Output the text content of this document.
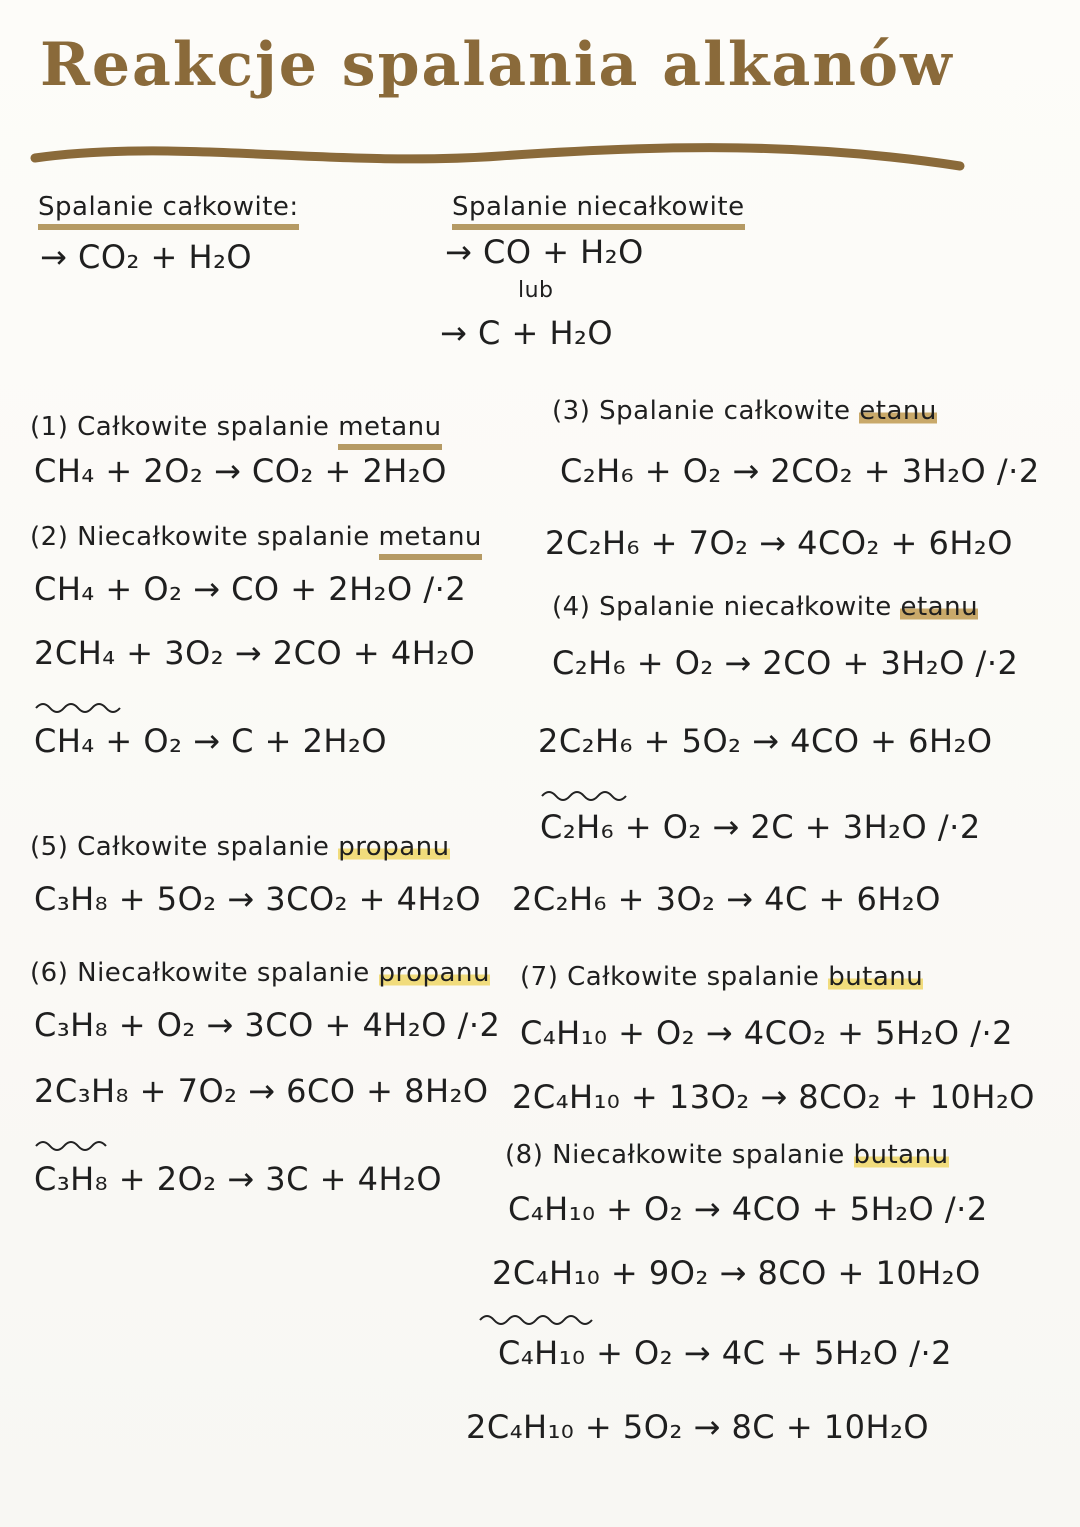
Reakcje spalania alkanów
Spalanie całkowite:
→ CO₂ + H₂O
Spalanie niecałkowite
→ CO + H₂O
lub
→ C + H₂O
(1) Całkowite spalanie metanu
CH₄ + 2O₂ → CO₂ + 2H₂O
(2) Niecałkowite spalanie metanu
CH₄ + O₂ → CO + 2H₂O /·2
2CH₄ + 3O₂ → 2CO + 4H₂O
CH₄ + O₂ → C + 2H₂O
(5) Całkowite spalanie propanu
C₃H₈ + 5O₂ → 3CO₂ + 4H₂O
(6) Niecałkowite spalanie propanu
C₃H₈ + O₂ → 3CO + 4H₂O /·2
2C₃H₈ + 7O₂ → 6CO + 8H₂O
C₃H₈ + 2O₂ → 3C + 4H₂O
(3) Spalanie całkowite etanu
C₂H₆ + O₂ → 2CO₂ + 3H₂O /·2
2C₂H₆ + 7O₂ → 4CO₂ + 6H₂O
(4) Spalanie niecałkowite etanu
C₂H₆ + O₂ → 2CO + 3H₂O /·2
2C₂H₆ + 5O₂ → 4CO + 6H₂O
C₂H₆ + O₂ → 2C + 3H₂O /·2
2C₂H₆ + 3O₂ → 4C + 6H₂O
(7) Całkowite spalanie butanu
C₄H₁₀ + O₂ → 4CO₂ + 5H₂O /·2
2C₄H₁₀ + 13O₂ → 8CO₂ + 10H₂O
(8) Niecałkowite spalanie butanu
C₄H₁₀ + O₂ → 4CO + 5H₂O /·2
2C₄H₁₀ + 9O₂ → 8CO + 10H₂O
C₄H₁₀ + O₂ → 4C + 5H₂O /·2
2C₄H₁₀ + 5O₂ → 8C + 10H₂O
